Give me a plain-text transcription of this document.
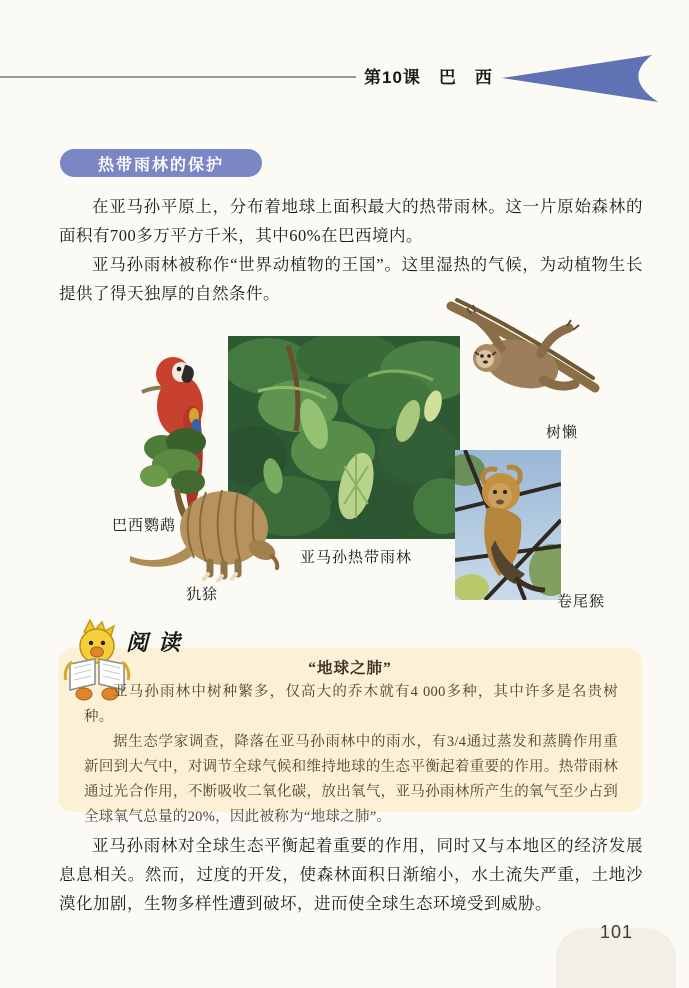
第10课　巴　西
热带雨林的保护
在亚马孙平原上，分布着地球上面积最大的热带雨林。这一片原始森林的面积有700多万平方千米，其中60%在巴西境内。
亚马孙雨林被称作“世界动植物的王国”。这里湿热的气候，为动植物生长提供了得天独厚的自然条件。
巴西鹦鹉
亚马孙热带雨林
树懒
犰狳	卷尾猴
阅读
“地球之肺”

亚马孙雨林中树种繁多，仅高大的乔木就有4 000多种，其中许多是名贵树种。

据生态学家调查，降落在亚马孙雨林中的雨水，有3/4通过蒸发和蒸腾作用重新回到大气中，对调节全球气候和维持地球的生态平衡起着重要的作用。热带雨林通过光合作用，不断吸收二氧化碳，放出氧气，亚马孙雨林所产生的氧气至少占到全球氧气总量的20%，因此被称为“地球之肺”。

亚马孙雨林对全球生态平衡起着重要的作用，同时又与本地区的经济发展息息相关。然而，过度的开发，使森林面积日渐缩小，水土流失严重，土地沙漠化加剧，生物多样性遭到破坏，进而使全球生态环境受到威胁。
101
